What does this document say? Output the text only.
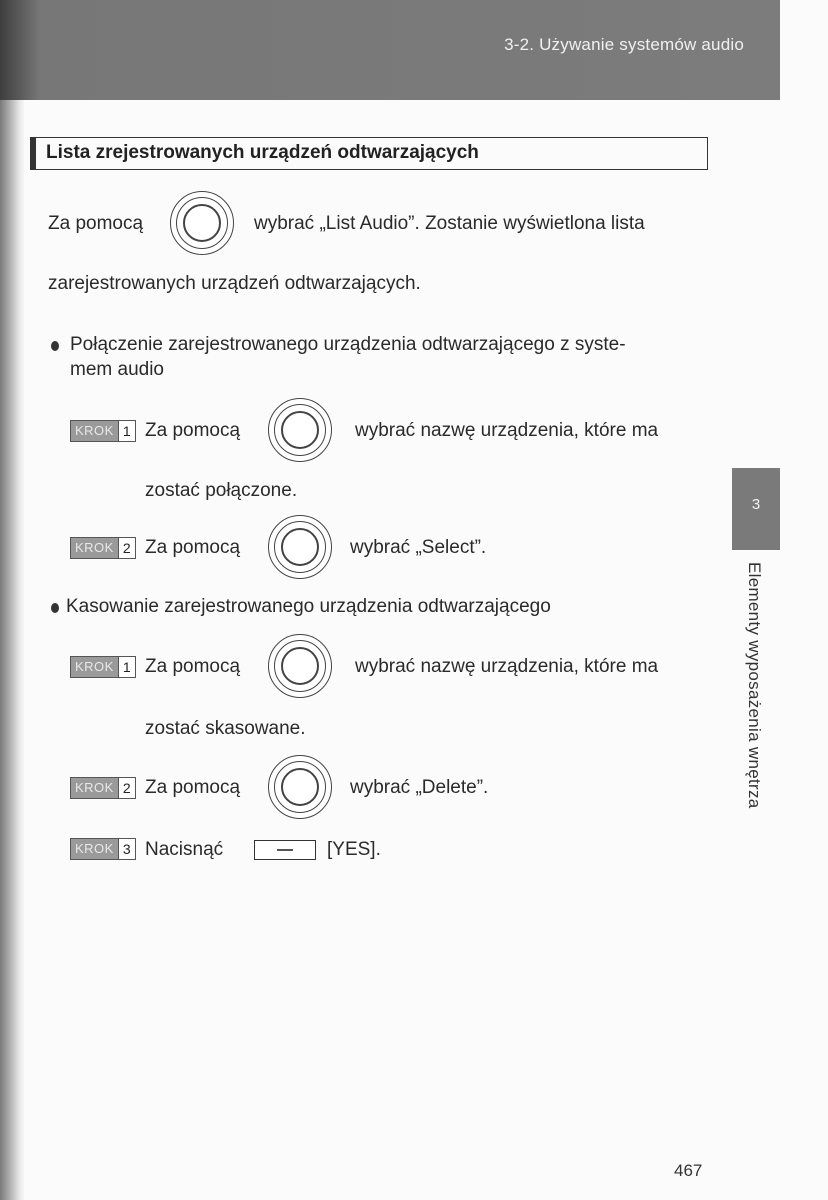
3-2. Używanie systemów audio
Lista zrejestrowanych urządzeń odtwarzających
Za pomocą	wybrać „List Audio”. Zostanie wyświetlona lista
zarejestrowanych urządzeń odtwarzających.
Połączenie zarejestrowanego urządzenia odtwarzającego z syste-
mem audio
KROK 1 Za pomocą	wybrać nazwę urządzenia, które ma
zostać połączone.
KROK 2 Za pomocą	wybrać „Select”.
Kasowanie zarejestrowanego urządzenia odtwarzającego
KROK 1 Za pomocą	wybrać nazwę urządzenia, które ma
zostać skasowane.
KROK 2 Za pomocą	wybrać „Delete”.
KROK 3 Nacisnąć	[YES].
3
Elementy wyposażenia wnętrza
467
